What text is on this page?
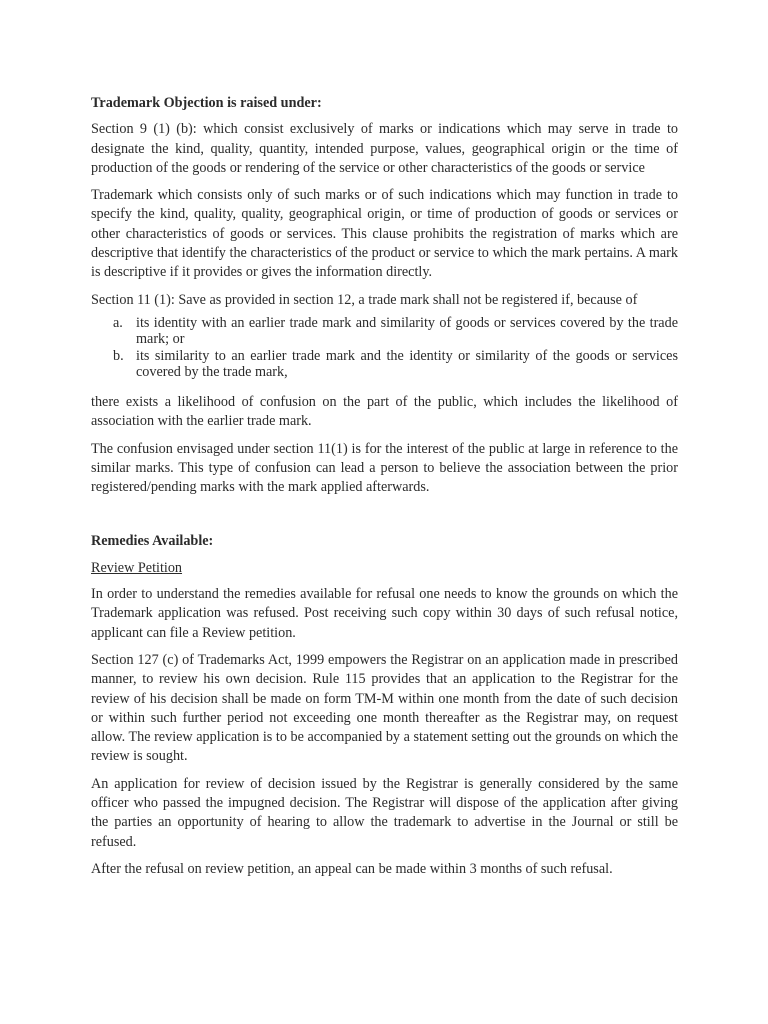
Trademark Objection is raised under:

Section 9 (1) (b): which consist exclusively of marks or indications which may serve in trade to designate the kind, quality, quantity, intended purpose, values, geographical origin or the time of production of the goods or rendering of the service or other characteristics of the goods or service

Trademark which consists only of such marks or of such indications which may function in trade to specify the kind, quality, quality, geographical origin, or time of production of goods or services or other characteristics of goods or services. This clause prohibits the registration of marks which are descriptive that identify the characteristics of the product or service to which the mark pertains. A mark is descriptive if it provides or gives the information directly.

Section 11 (1): Save as provided in section 12, a trade mark shall not be registered if, because of

a. its identity with an earlier trade mark and similarity of goods or services covered by the trade mark; or
b. its similarity to an earlier trade mark and the identity or similarity of the goods or services covered by the trade mark,

there exists a likelihood of confusion on the part of the public, which includes the likelihood of association with the earlier trade mark.

The confusion envisaged under section 11(1) is for the interest of the public at large in reference to the similar marks. This type of confusion can lead a person to believe the association between the prior registered/pending marks with the mark applied afterwards.

Remedies Available:
Review Petition

In order to understand the remedies available for refusal one needs to know the grounds on which the Trademark application was refused. Post receiving such copy within 30 days of such refusal notice, applicant can file a Review petition.

Section 127 (c) of Trademarks Act, 1999 empowers the Registrar on an application made in prescribed manner, to review his own decision. Rule 115 provides that an application to the Registrar for the review of his decision shall be made on form TM-M within one month from the date of such decision or within such further period not exceeding one month thereafter as the Registrar may, on request allow. The review application is to be accompanied by a statement setting out the grounds on which the review is sought.

An application for review of decision issued by the Registrar is generally considered by the same officer who passed the impugned decision. The Registrar will dispose of the application after giving the parties an opportunity of hearing to allow the trademark to advertise in the Journal or still be refused.

After the refusal on review petition, an appeal can be made within 3 months of such refusal.
